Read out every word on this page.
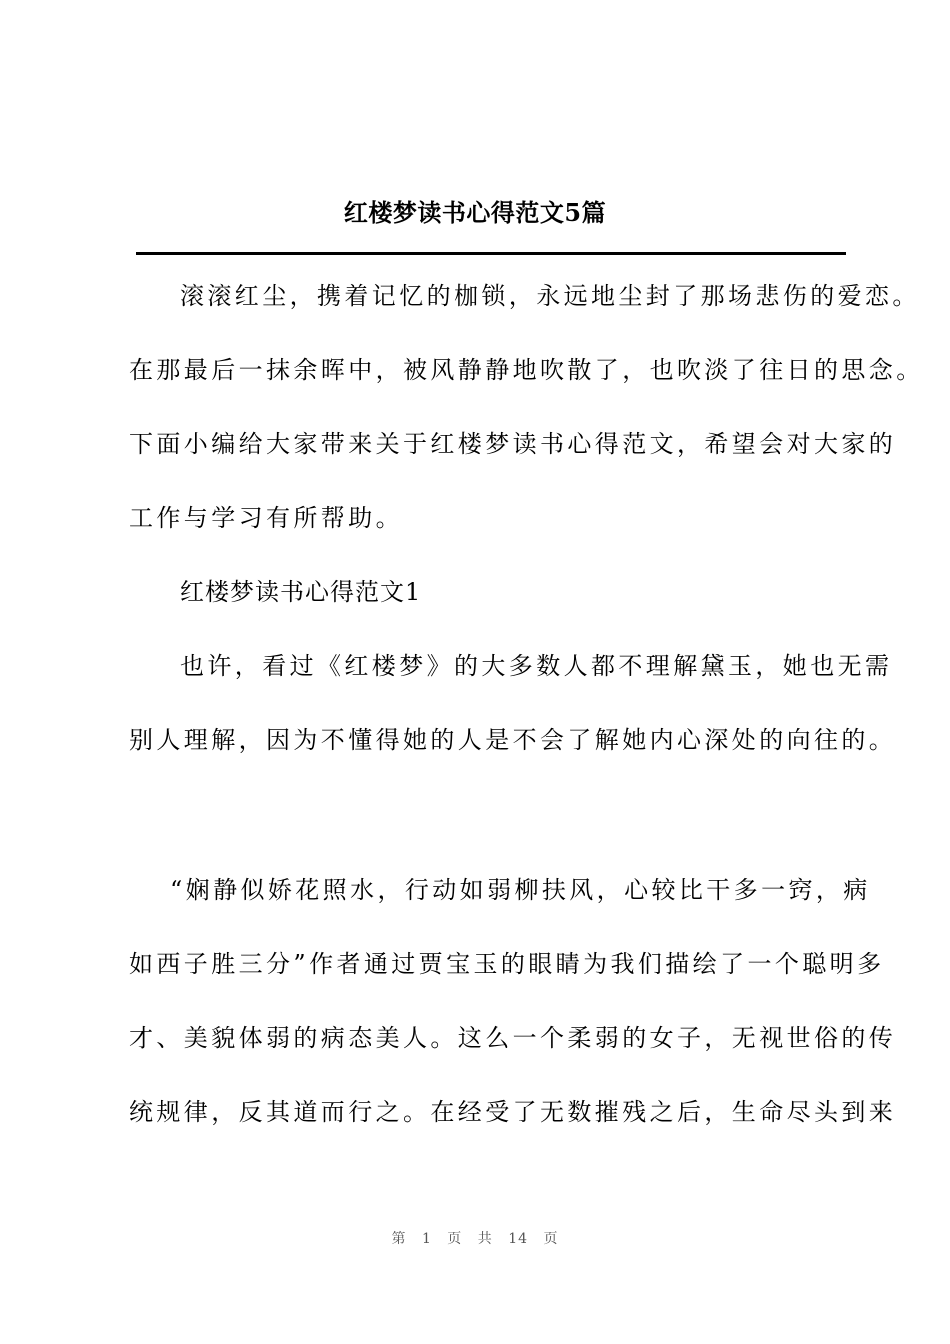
红楼梦读书心得范文5篇
滚滚红尘，携着记忆的枷锁，永远地尘封了那场悲伤的爱恋。
在那最后一抹余晖中，被风静静地吹散了，也吹淡了往日的思念。
下面小编给大家带来关于红楼梦读书心得范文，希望会对大家的
工作与学习有所帮助。
红楼梦读书心得范文1
也许，看过《红楼梦》的大多数人都不理解黛玉，她也无需
别人理解，因为不懂得她的人是不会了解她内心深处的向往的。
“娴静似娇花照水，行动如弱柳扶风，心较比干多一窍，病
如西子胜三分”作者通过贾宝玉的眼睛为我们描绘了一个聪明多
才、美貌体弱的病态美人。这么一个柔弱的女子，无视世俗的传
统规律，反其道而行之。在经受了无数摧残之后，生命尽头到来
第 1 页 共 14 页
